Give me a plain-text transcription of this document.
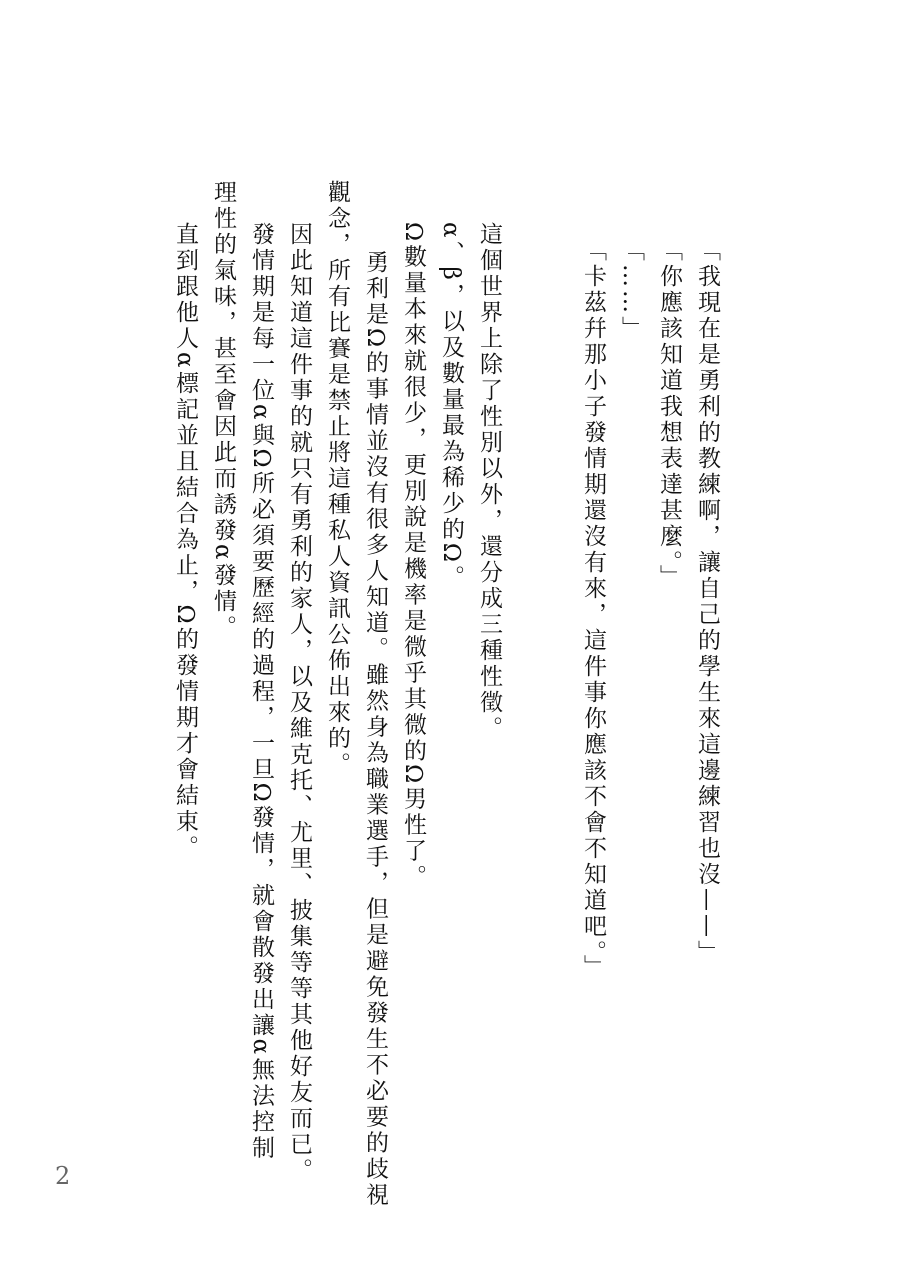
「我現在是勇利的教練啊，讓自己的學生來這邊練習也沒——」

「你應該知道我想表達甚麼。」

「……」

「卡茲幷那小子發情期還沒有來，這件事你應該不會不知道吧。」

這個世界上除了性別以外，還分成三種性徵。

α、β，以及數量最為稀少的Ω。

Ω數量本來就很少，更別說是機率是微乎其微的Ω男性了。

勇利是Ω的事情並沒有很多人知道。雖然身為職業選手，但是避免發生不必要的歧視

觀念，所有比賽是禁止將這種私人資訊公佈出來的。

因此知道這件事的就只有勇利的家人，以及維克托、尤里、披集等等其他好友而已。

發情期是每一位α與Ω所必須要歷經的過程，一旦Ω發情，就會散發出讓α無法控制

理性的氣味，甚至會因此而誘發α發情。

直到跟他人α標記並且結合為止，Ω的發情期才會結束。

2
